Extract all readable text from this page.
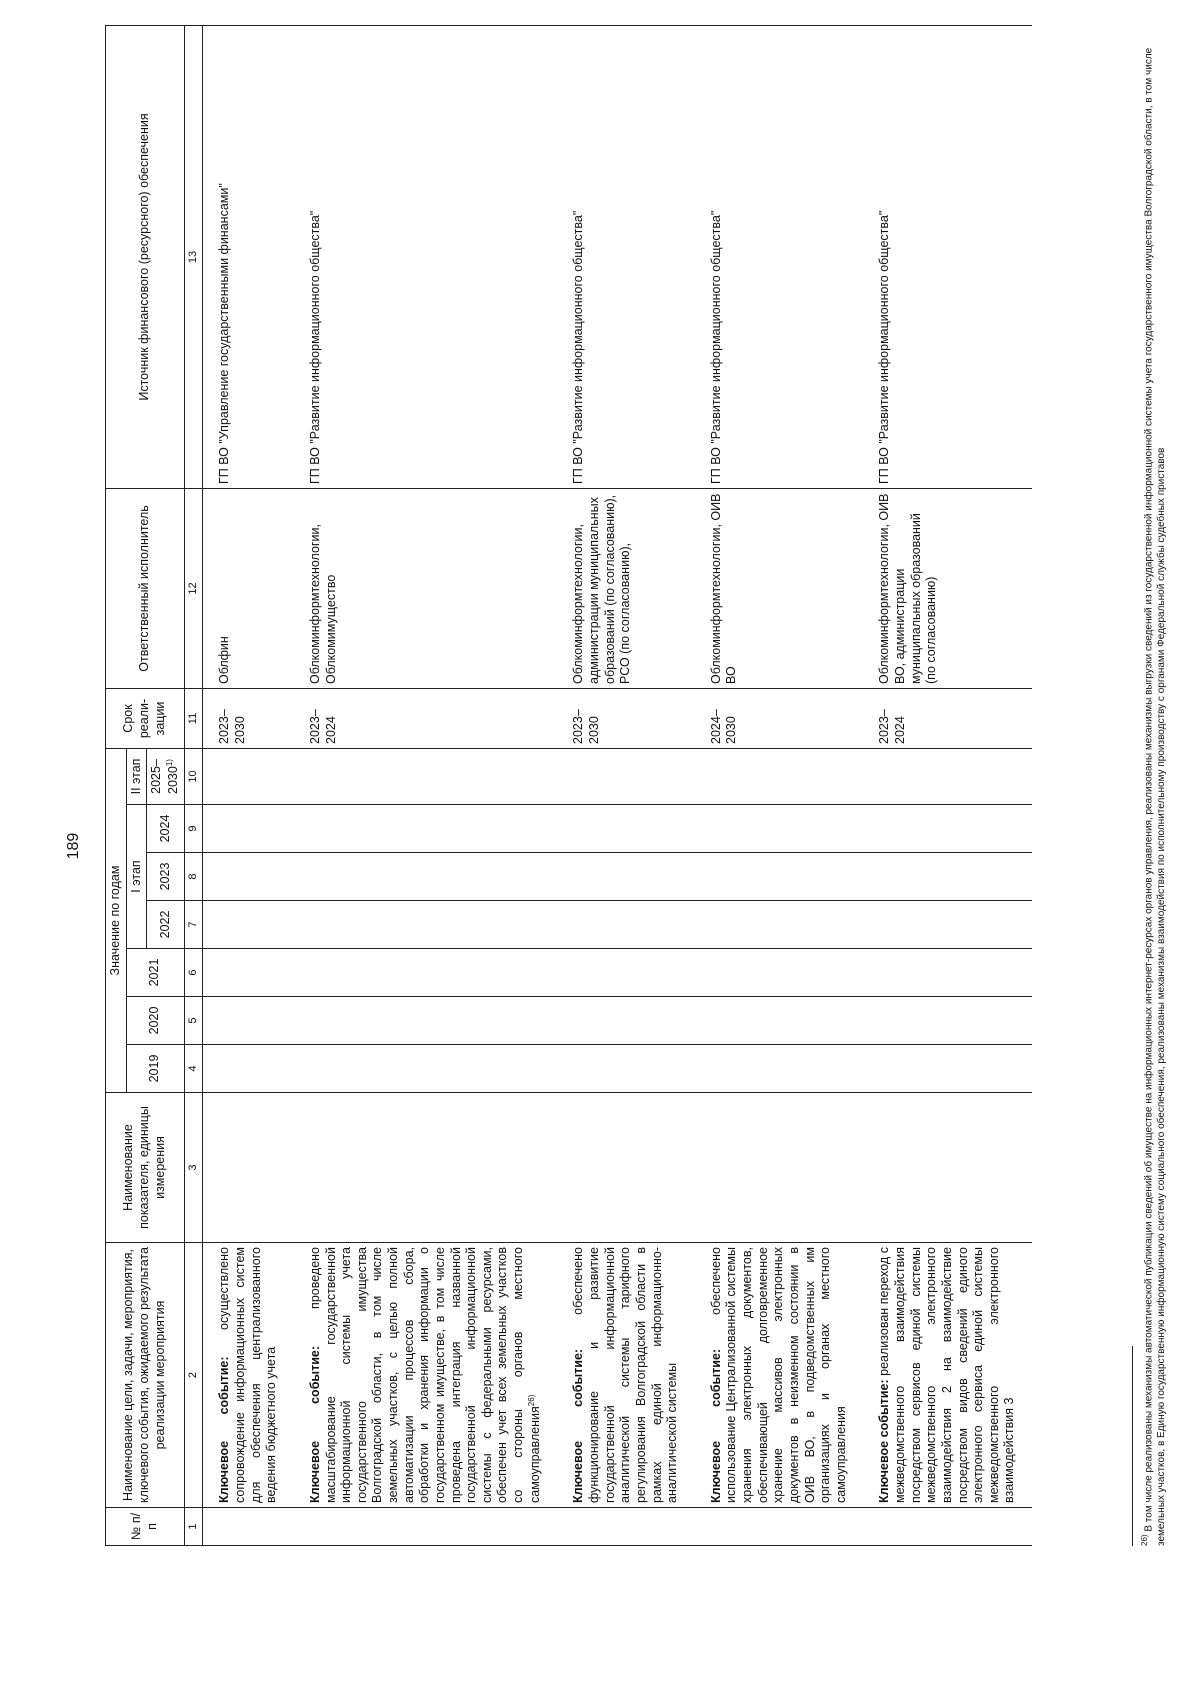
189
№ п/п	Наименование цели, задачи, мероприятия, ключевого события, ожидаемого результата реализации мероприятия	Наименование показателя, единицы измерения	Значение по годам							Срок реали-зации	Ответственный исполнитель	Источник финансового (ресурсного) обеспечения
			2019	2020	2021	I этап			II этап			
						2022	2023	2024	2025–2030$^{1)}$
1	2	3	4	5	6	7	8	9	10	11	12	13
	Ключевое событие: осуществлено сопровождение информационных систем для обеспечения централизованного ведения бюджетного учета									2023–2030	Облфин	ГП ВО "Управление государственными финансами"
	Ключевое событие: проведено масштабирование государственной информационной системы учета государственного имущества Волгоградской области, в том числе земельных участков, с целью полной автоматизации процессов сбора, обработки и хранения информации о государственном имуществе, в том числе проведена интеграция названной государственной информационной системы с федеральными ресурсами, обеспечен учет всех земельных участков со стороны органов местного самоуправления$^{26)}$									2023–2024	Облкоминформтехнологии, Облкомимущество	ГП ВО "Развитие информационного общества"
	Ключевое событие: обеспечено функционирование и развитие государственной информационной аналитической системы тарифного регулирования Волгоградской области в рамках единой информационно-аналитической системы									2023–2030	Облкоминформтехнологии, администрации муниципальных образований (по согласованию), РСО (по согласованию),	ГП ВО "Развитие информационного общества"
	Ключевое событие: обеспечено использование Централизованной системы хранения электронных документов, обеспечивающей долговременное хранение массивов электронных документов в неизменном состоянии в ОИВ ВО, в подведомственных им организациях и органах местного самоуправления									2024–2030	Облкоминформтехнологии, ОИВ ВО	ГП ВО "Развитие информационного общества"
	Ключевое событие: реализован переход с межведомственного взаимодействия посредством сервисов единой системы межведомственного электронного взаимодействия 2 на взаимодействие посредством видов сведений единого электронного сервиса единой системы межведомственного электронного взаимодействия 3									2023–2024	Облкоминформтехнологии, ОИВ ВО, администрации муниципальных образований (по согласованию)	ГП ВО "Развитие информационного общества"
$^{26)}$ В том числе реализованы механизмы автоматической публикации сведений об имуществе на информационных интернет-ресурсах органов управления, реализованы механизмы выгрузки сведений из государственной информационной системы учета государственного имущества Волгоградской области, в том числе земельных участков, в Единую государственную информационную систему социального обеспечения, реализованы механизмы взаимодействия по исполнительному производству с органами Федеральной службы судебных приставов
